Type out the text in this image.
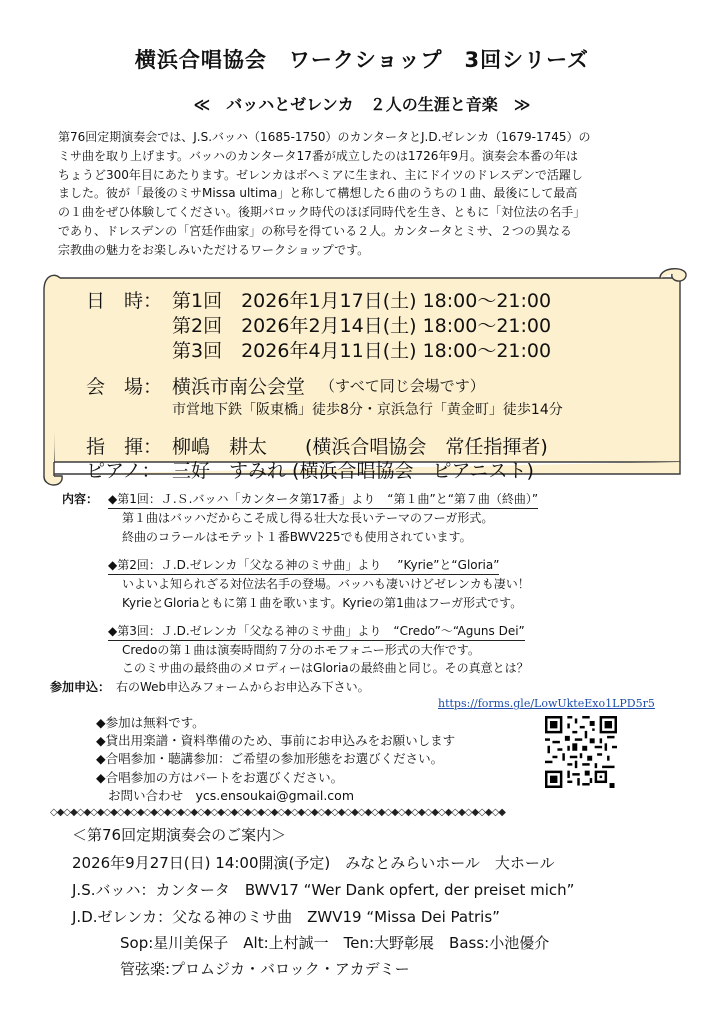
横浜合唱協会　ワークショップ　3回シリーズ
≪　バッハとゼレンカ　２人の生涯と音楽　≫
第76回定期演奏会では、J.S.バッハ（1685-1750）のカンタータとJ.D.ゼレンカ（1679-1745）の
ミサ曲を取り上げます。バッハのカンタータ17番が成立したのは1726年9月。演奏会本番の年は
ちょうど300年目にあたります。ゼレンカはボヘミアに生まれ、主にドイツのドレスデンで活躍し
ました。彼が「最後のミサMissa ultima」と称して構想した６曲のうちの１曲、最後にして最高
の１曲をぜひ体験してください。後期バロック時代のほぼ同時代を生き、ともに「対位法の名手」
であり、ドレスデンの「宮廷作曲家」の称号を得ている２人。カンタータとミサ、２つの異なる
宗教曲の魅力をお楽しみいただけるワークショップです。
日　時： 第1回　2026年1月17日(土) 18:00～21:00
第2回　2026年2月14日(土) 18:00～21:00
第3回　2026年4月11日(土) 18:00～21:00
会　場： 横浜市南公会堂 （すべて同じ会場です）
市営地下鉄「阪東橋」徒歩8分・京浜急行「黄金町」徒歩14分
指　揮： 柳嶋　耕太　　(横浜合唱協会　常任指揮者)
ピアノ： 三好　すみれ (横浜合唱協会　ピアニスト)
内容： ◆第1回：Ｊ.Ｓ.バッハ「カンタータ第17番」より　“第１曲”と“第７曲（終曲）”
第１曲はバッハだからこそ成し得る壮大な長いテーマのフーガ形式。
終曲のコラールはモテット１番BWV225でも使用されています。
◆第2回：Ｊ.D.ゼレンカ「父なる神のミサ曲」より　 ”Kyrie”と“Gloria”
いよいよ知られざる対位法名手の登場。バッハも凄いけどゼレンカも凄い！
KyrieとGloriaともに第１曲を歌います。Kyrieの第1曲はフーガ形式です。
◆第3回：Ｊ.D.ゼレンカ「父なる神のミサ曲」より　“Credo”～“Aguns Dei”
Credoの第１曲は演奏時間約７分のホモフォニー形式の大作です。
このミサ曲の最終曲のメロディーはGloriaの最終曲と同じ。その真意とは？
参加申込： 右のWeb申込みフォームからお申込み下さい。
https://forms.gle/LowUkteExo1LPD5r5
◆参加は無料です。
◆貸出用楽譜・資料準備のため、事前にお申込みをお願いします
◆合唱参加・聴講参加：ご希望の参加形態をお選びください。
◆合唱参加の方はパートをお選びください。
お問い合わせ　ycs.ensoukai@gmail.com
◇◆◇◆◇◆◇◆◇◆◇◆◇◆◇◆◇◆◇◆◇◆◇◆◇◆◇◆◇◆◇◆◇◆◇◆◇◆◇◆◇◆◇◆◇◆◇◆◇◆◇◆◇◆◇◆◇◆◇◆◇◆◇◆◇◆◇◆
＜第76回定期演奏会のご案内＞
2026年9月27日(日) 14:00開演(予定)　みなとみらいホール　大ホール
J.S.バッハ：カンタータ　BWV17 “Wer Dank opfert, der preiset mich”
J.D.ゼレンカ：父なる神のミサ曲　ZWV19 “Missa Dei Patris”
Sop:星川美保子　Alt:上村誠一　Ten:大野彰展　Bass:小池優介
管弦楽:プロムジカ・バロック・アカデミー
